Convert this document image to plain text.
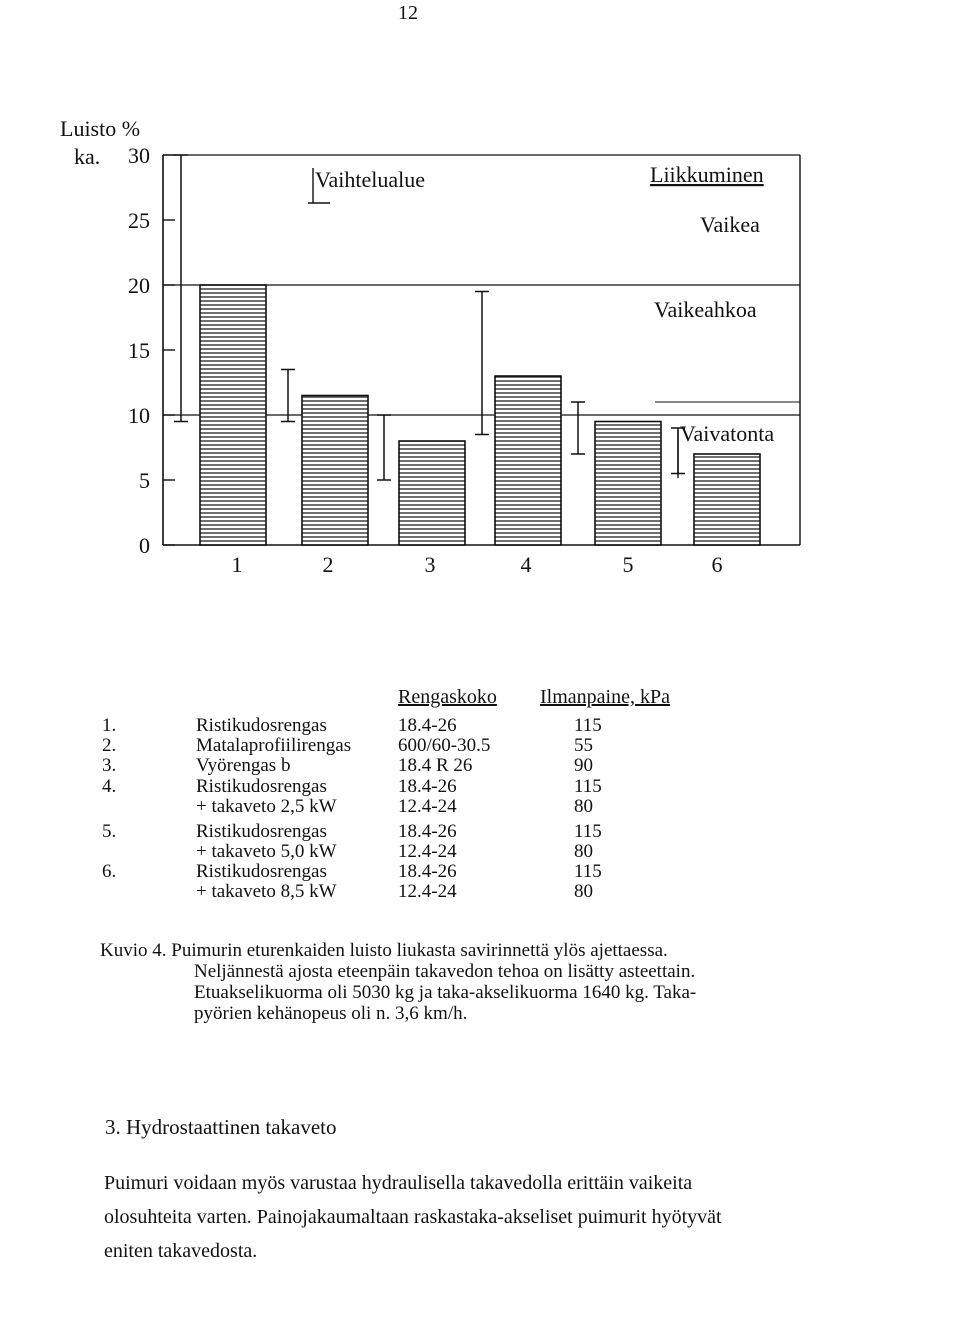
12
Luisto %
ka.
0
5
10
15
20
25
30
Vaihtelualue	Liikkuminen
Vaikea
Vaikeahkoa
Vaivatonta
1	2	3	4	5	6
Rengaskoko Ilmanpaine, kPa
1.	Ristikudosrengas	18.4-26	115
2.	Matalaprofiilirengas 600/60-30.5	55
3.	Vyörengas b	18.4 R 26	90
4.	Ristikudosrengas	18.4-26	115
+ takaveto 2,5 kW	12.4-24	80
5.	Ristikudosrengas	18.4-26	115
+ takaveto 5,0 kW	12.4-24	80
6.	Ristikudosrengas	18.4-26	115
+ takaveto 8,5 kW	12.4-24	80
Kuvio 4. Puimurin eturenkaiden luisto liukasta savirinnettä ylös ajettaessa.
Neljännestä ajosta eteenpäin takavedon tehoa on lisätty asteettain.
Etuakselikuorma oli 5030 kg ja taka-akselikuorma 1640 kg. Taka-
pyörien kehänopeus oli n. 3,6 km/h.
3. Hydrostaattinen takaveto
Puimuri voidaan myös varustaa hydraulisella takavedolla erittäin vaikeita
olosuhteita varten. Painojakaumaltaan raskastaka-akseliset puimurit hyötyvät
eniten takavedosta.
